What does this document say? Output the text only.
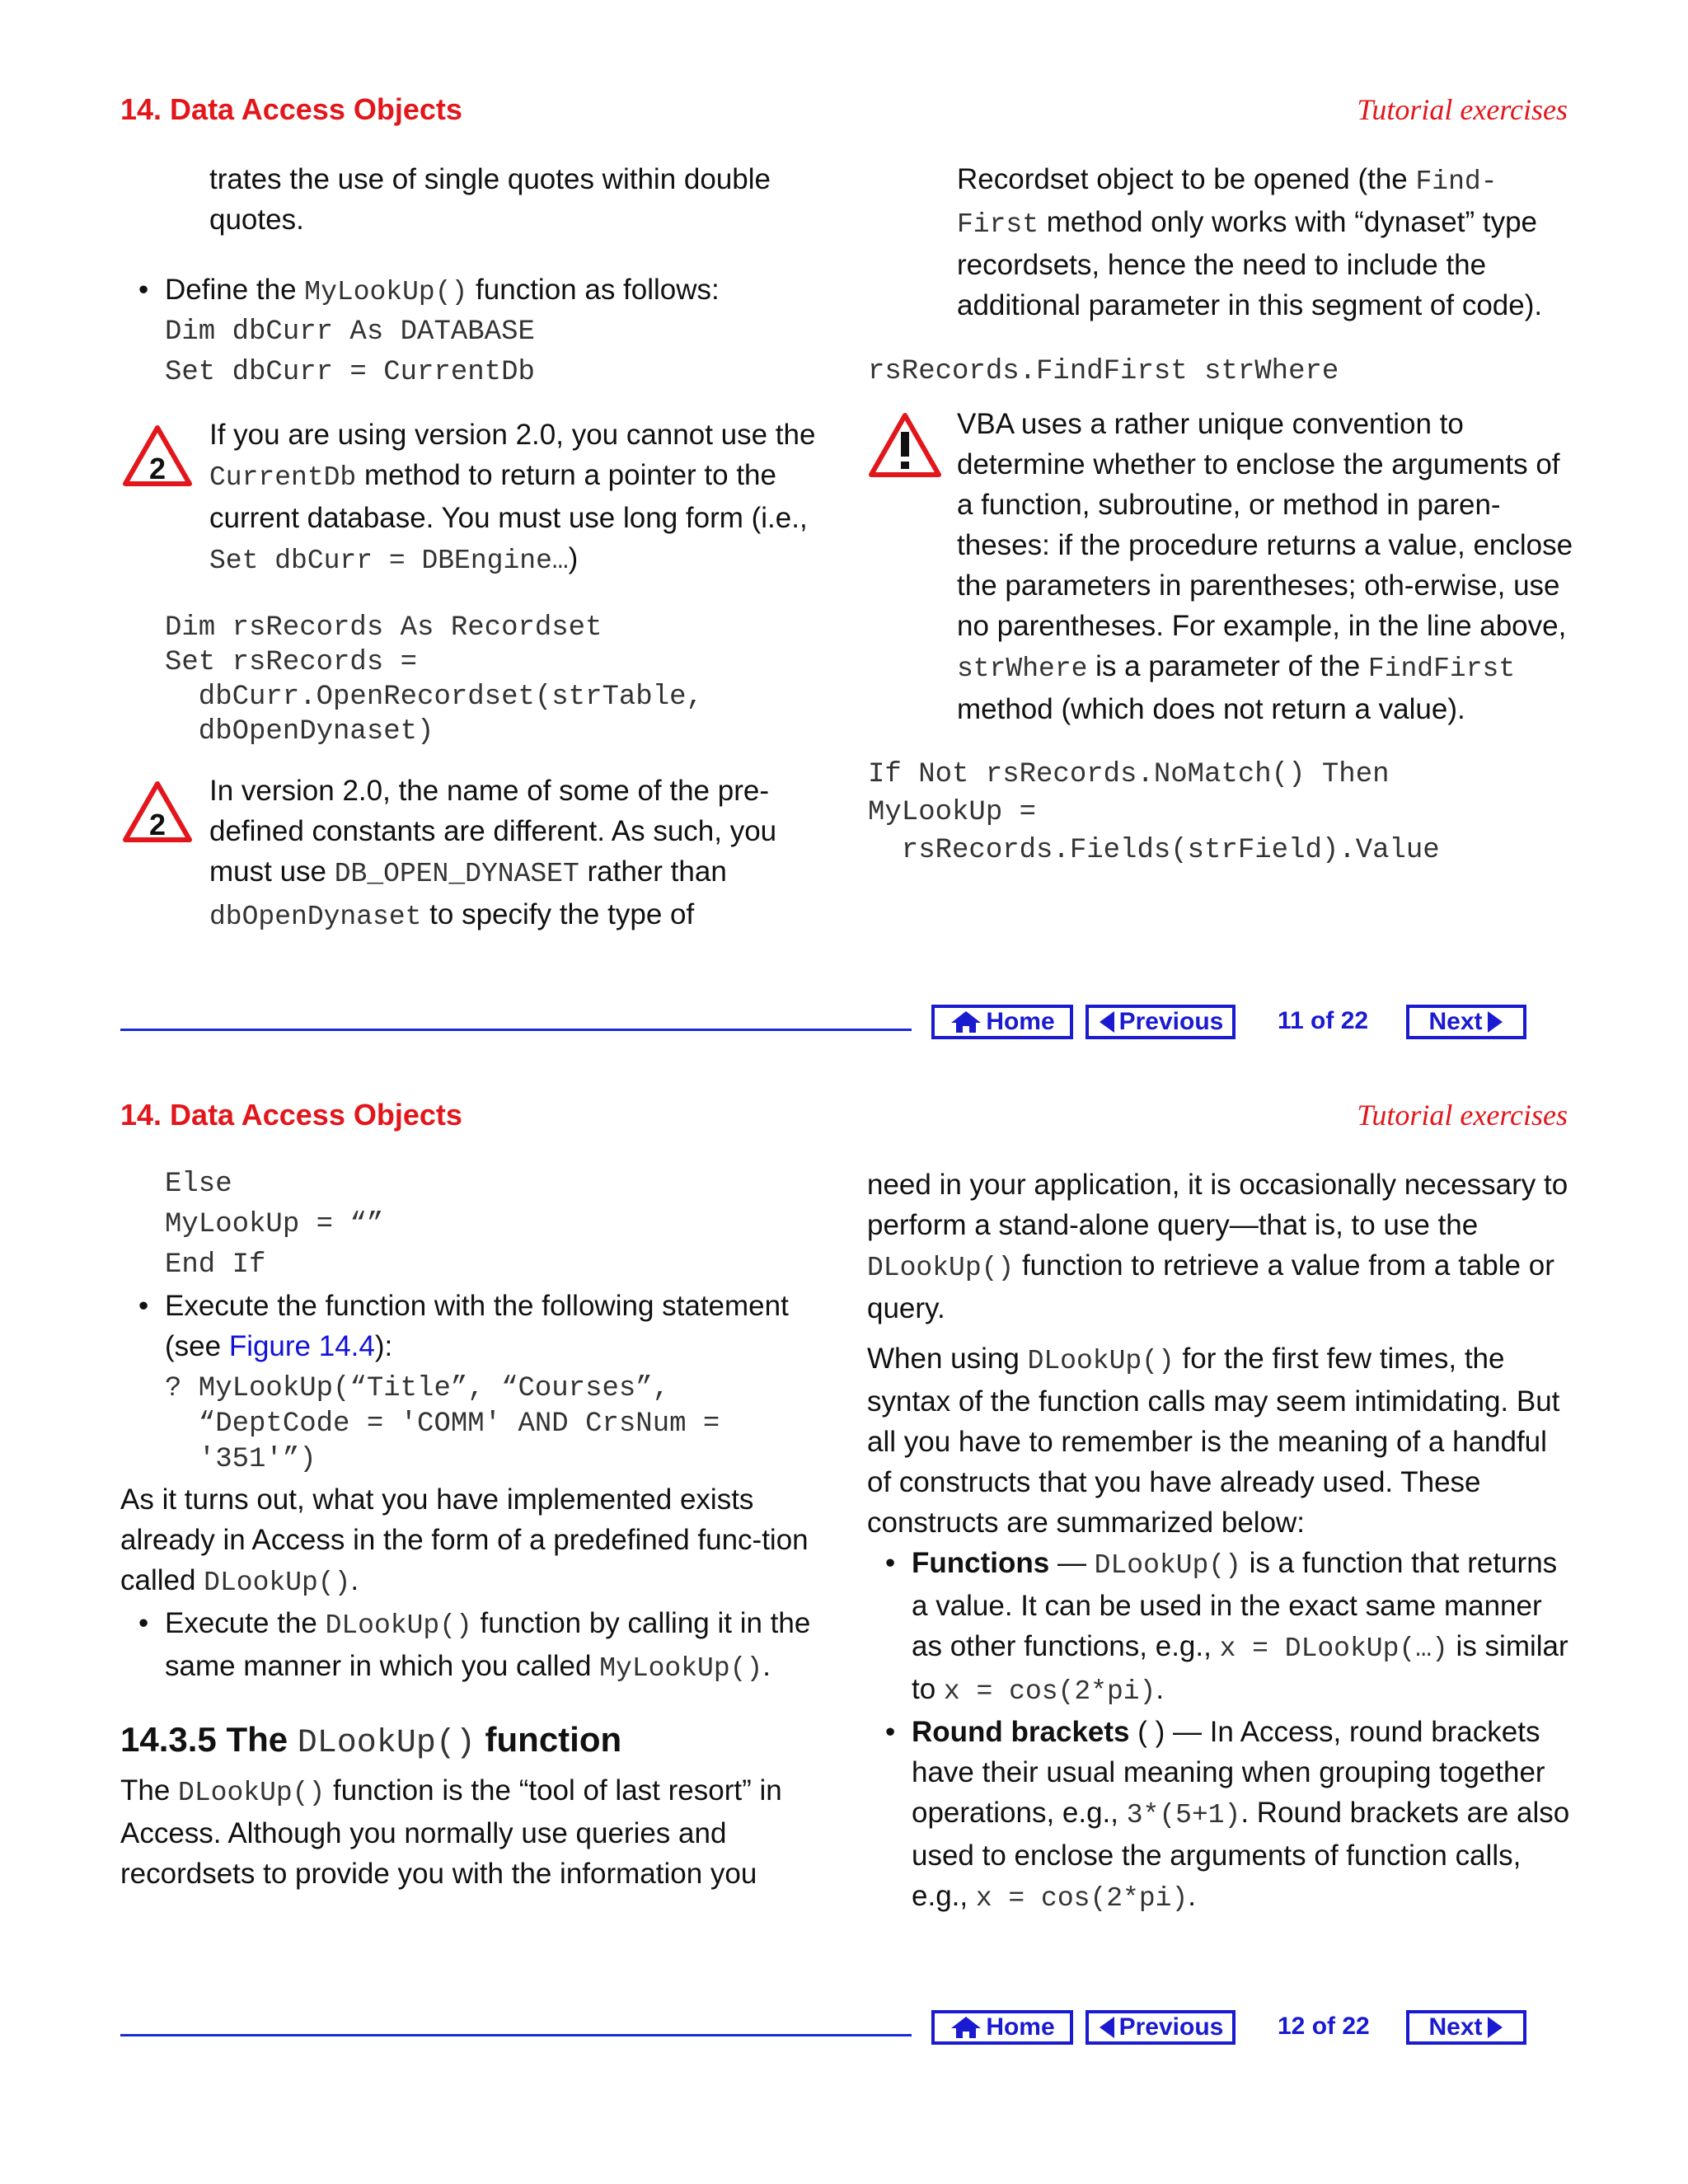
14. Data Access Objects	Tutorial exercises

trates the use of single quotes within double quotes.

• Define the MyLookUp() function as follows:

Dim dbCurr As DATABASE
Set dbCurr = CurrentDb
2

If you are using version 2.0, you cannot use the CurrentDb method to return a pointer to the current database. You must use long form (i.e., Set dbCurr = DBEngine…)

Dim rsRecords As Recordset
Set rsRecords =
dbCurr.OpenRecordset(strTable,
dbOpenDynaset)
2

In version 2.0, the name of some of the pre-defined constants are different. As such, you must use DB_OPEN_DYNASET rather than dbOpenDynaset to specify the type of

Recordset object to be opened (the Find-First method only works with “dynaset” type recordsets, hence the need to include the additional parameter in this segment of code).

rsRecords.FindFirst strWhere

VBA uses a rather unique convention to determine whether to enclose the arguments of a function, subroutine, or method in paren-theses: if the procedure returns a value, enclose the parameters in parentheses; oth-erwise, use no parentheses. For example, in the line above, strWhere is a parameter of the FindFirst method (which does not return a value).

If Not rsRecords.NoMatch() Then
MyLookUp =
rsRecords.Fields(strField).Value
Home	Previous 11 of 22 Next
14. Data Access Objects	Tutorial exercises
Else
MyLookUp = “”
End If

• Execute the function with the following statement (see Figure 14.4):

? MyLookUp(“Title”, “Courses”,
“DeptCode = 'COMM' AND CrsNum =
'351'”)

As it turns out, what you have implemented exists already in Access in the form of a predefined func-tion called DLookUp().

• Execute the DLookUp() function by calling it in the same manner in which you called MyLookUp().

14.3.5 The DLookUp() function

The DLookUp() function is the “tool of last resort” in Access. Although you normally use queries and recordsets to provide you with the information you

need in your application, it is occasionally necessary to perform a stand-alone query—that is, to use the DLookUp() function to retrieve a value from a table or query.

When using DLookUp() for the first few times, the syntax of the function calls may seem intimidating. But all you have to remember is the meaning of a handful of constructs that you have already used. These constructs are summarized below:

• Functions — DLookUp() is a function that returns a value. It can be used in the exact same manner as other functions, e.g., x = DLookUp(…) is similar to x = cos(2*pi).

• Round brackets ( ) — In Access, round brackets have their usual meaning when grouping together operations, e.g., 3*(5+1). Round brackets are also used to enclose the arguments of function calls, e.g., x = cos(2*pi).

Home	Previous 12 of 22 Next
